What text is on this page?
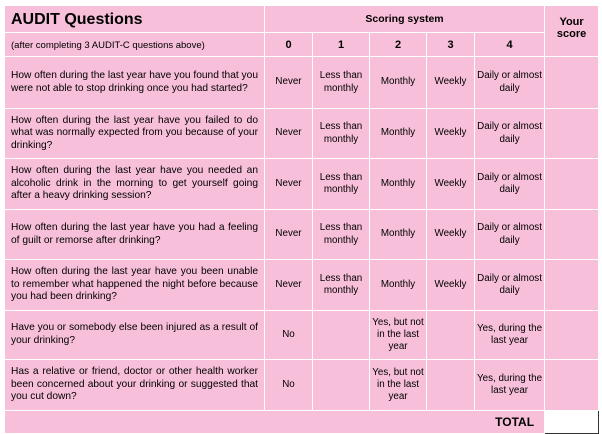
AUDIT Questions	Scoring system					Your score

(after completing 3 AUDIT-C questions above)	0	1	2	3	4	
How often during the last year have you found that you were not able to stop drinking once you had started?	Never	Less than monthly	Monthly	Weekly	Daily or almost daily	
How often during the last year have you failed to do what was normally expected from you because of your drinking?	Never	Less than monthly	Monthly	Weekly	Daily or almost daily	
How often during the last year have you needed an alcoholic drink in the morning to get yourself going after a heavy drinking session?	Never	Less than monthly	Monthly	Weekly	Daily or almost daily	
How often during the last year have you had a feeling of guilt or remorse after drinking?	Never	Less than monthly	Monthly	Weekly	Daily or almost daily	
How often during the last year have you been unable to remember what happened the night before because you had been drinking?	Never	Less than monthly	Monthly	Weekly	Daily or almost daily	
Have you or somebody else been injured as a result of your drinking?	No		Yes, but not in the last year		Yes, during the last year	
Has a relative or friend, doctor or other health worker been concerned about your drinking or suggested that you cut down?	No		Yes, but not in the last year		Yes, during the last year	
TOTAL						
